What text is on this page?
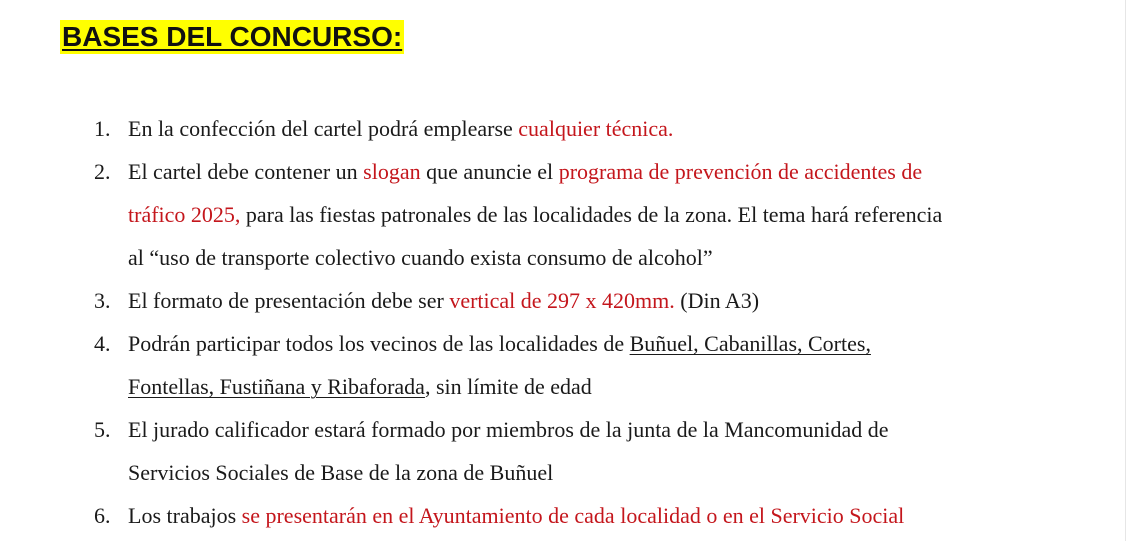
BASES DEL CONCURSO:
1. En la confección del cartel podrá emplearse cualquier técnica.
2. El cartel debe contener un slogan que anuncie el programa de prevención de accidentes de
tráfico 2025, para las fiestas patronales de las localidades de la zona. El tema hará referencia
al “uso de transporte colectivo cuando exista consumo de alcohol”
3. El formato de presentación debe ser vertical de 297 x 420mm. (Din A3)
4. Podrán participar todos los vecinos de las localidades de Buñuel, Cabanillas, Cortes,
Fontellas, Fustiñana y Ribaforada, sin límite de edad
5. El jurado calificador estará formado por miembros de la junta de la Mancomunidad de
Servicios Sociales de Base de la zona de Buñuel
6. Los trabajos se presentarán en el Ayuntamiento de cada localidad o en el Servicio Social
